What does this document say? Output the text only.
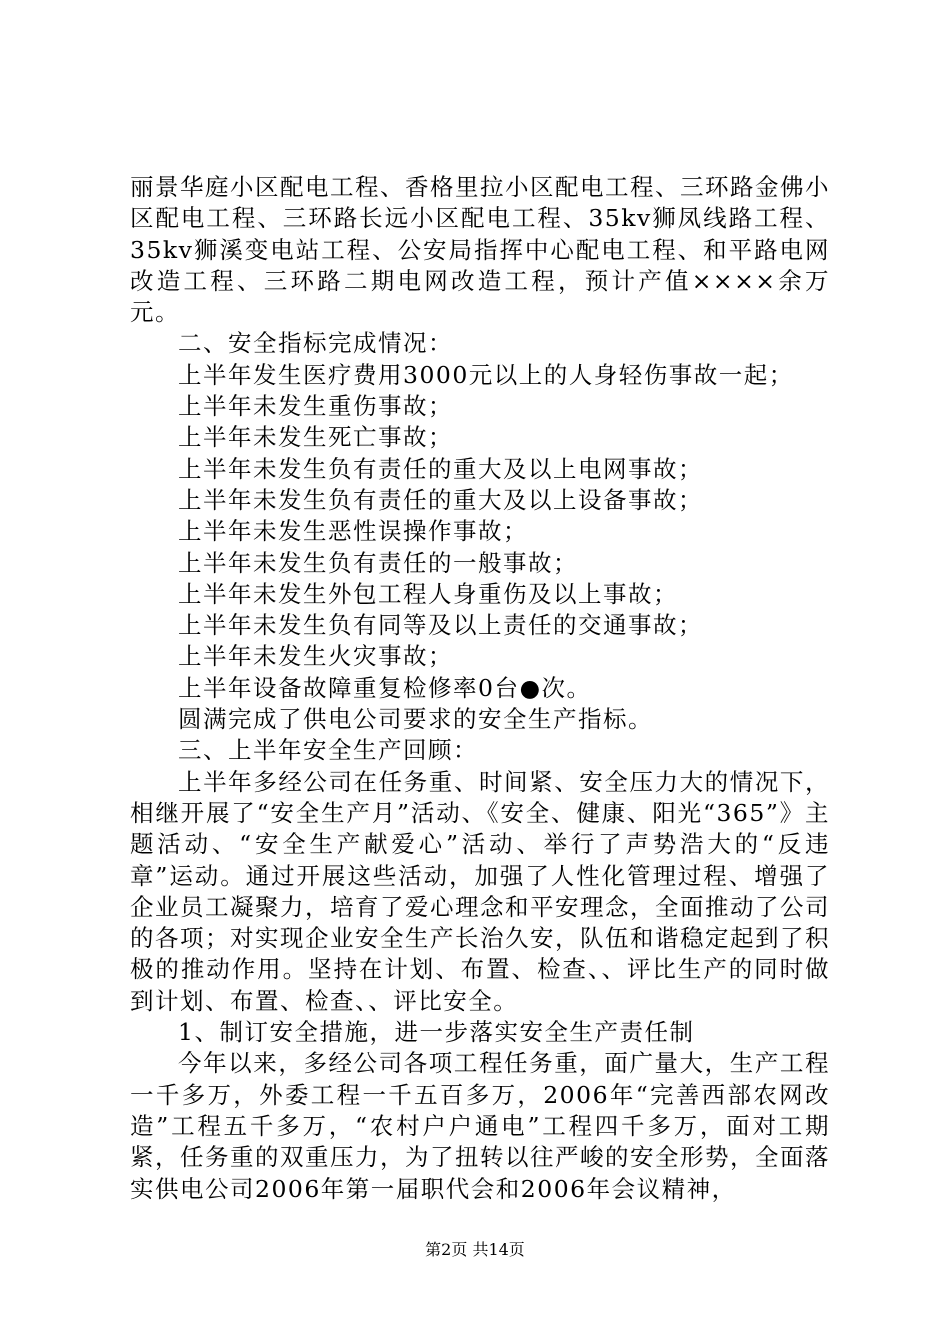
丽景华庭小区配电工程、香格里拉小区配电工程、三环路金佛小区配电工程、三环路长远小区配电工程、35kv狮凤线路工程、35kv狮溪变电站工程、公安局指挥中心配电工程、和平路电网改造工程、三环路二期电网改造工程，预计产值××××余万元。

二、安全指标完成情况：

上半年发生医疗费用3000元以上的人身轻伤事故一起；

上半年未发生重伤事故；

上半年未发生死亡事故；

上半年未发生负有责任的重大及以上电网事故；

上半年未发生负有责任的重大及以上设备事故；

上半年未发生恶性误操作事故；

上半年未发生负有责任的一般事故；

上半年未发生外包工程人身重伤及以上事故；

上半年未发生负有同等及以上责任的交通事故；

上半年未发生火灾事故；

上半年设备故障重复检修率0台●次。

圆满完成了供电公司要求的安全生产指标。

三、上半年安全生产回顾：

上半年多经公司在任务重、时间紧、安全压力大的情况下，相继开展了“安全生产月”活动、《安全、健康、阳光“365”》主题活动、“安全生产献爱心”活动、举行了声势浩大的“反违章”运动。通过开展这些活动，加强了人性化管理过程、增强了企业员工凝聚力，培育了爱心理念和平安理念，全面推动了公司的各项；对实现企业安全生产长治久安，队伍和谐稳定起到了积极的推动作用。坚持在计划、布置、检查、、评比生产的同时做到计划、布置、检查、、评比安全。

1、制订安全措施，进一步落实安全生产责任制

今年以来，多经公司各项工程任务重，面广量大，生产工程一千多万，外委工程一千五百多万，2006年“完善西部农网改造”工程五千多万，“农村户户通电”工程四千多万，面对工期紧，任务重的双重压力，为了扭转以往严峻的安全形势，全面落实供电公司2006年第一届职代会和2006年会议精神，

第2页 共14页
